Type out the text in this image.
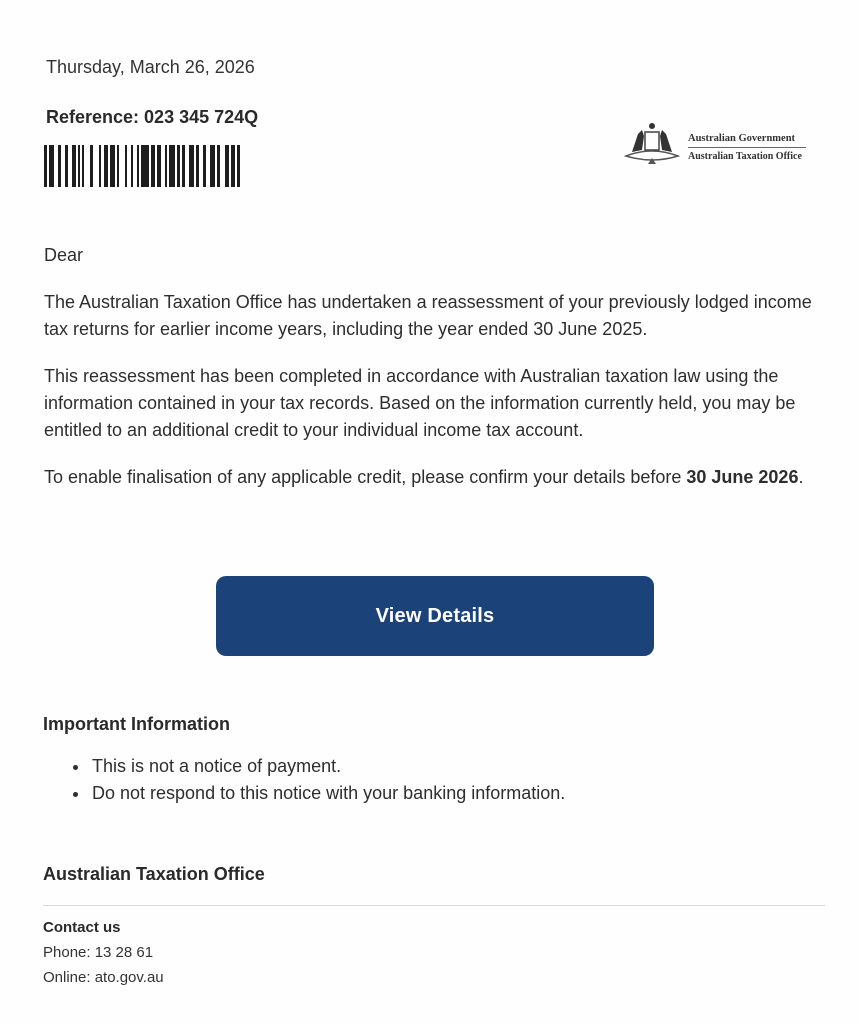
Thursday, March 26, 2026
Reference: 023 345 724Q
Australian Government
Australian Taxation Office
Dear
The Australian Taxation Office has undertaken a reassessment of your previously lodged income tax returns for earlier income years, including the year ended 30 June 2025.
This reassessment has been completed in accordance with Australian taxation law using the information contained in your tax records. Based on the information currently held, you may be entitled to an additional credit to your individual income tax account.
To enable finalisation of any applicable credit, please confirm your details before 30 June 2026.
View Details
Important Information
• This is not a notice of payment.
• Do not respond to this notice with your banking information.
Australian Taxation Office
Contact us
Phone: 13 28 61
Online: ato.gov.au
